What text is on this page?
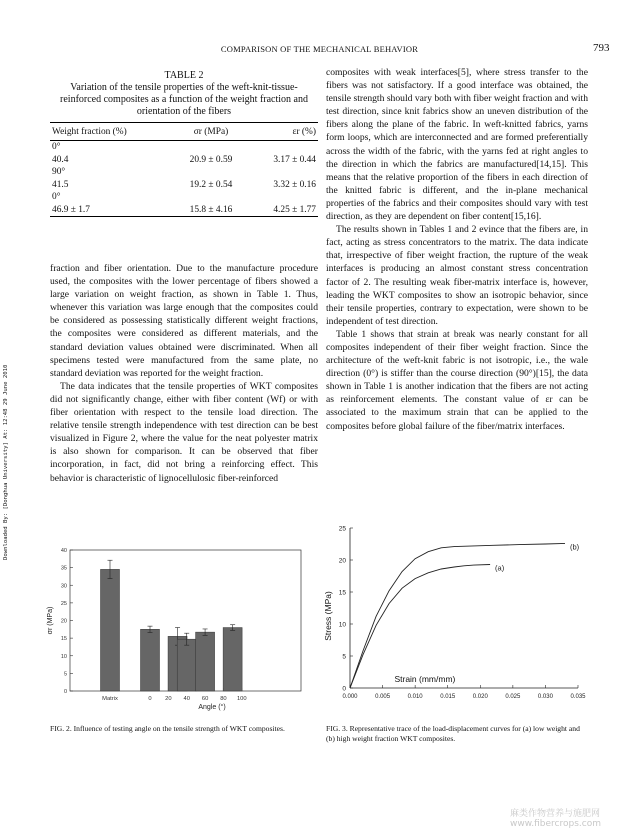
COMPARISON OF THE MECHANICAL BEHAVIOR	793
Downloaded By: [Donghua University] At: 12:48 29 June 2010
TABLE 2
Variation of the tensile properties of the weft-knit-tissue-reinforced composites as a function of the weight fraction and orientation of the fibers
Weight fraction (%)	σr (MPa)	εr (%)
0°		
40.4	20.9 ± 0.59	3.17 ± 0.44
90°		
41.5	19.2 ± 0.54	3.32 ± 0.16
0°		
46.9 ± 1.7	15.8 ± 4.16	4.25 ± 1.77

fraction and fiber orientation. Due to the manufacture procedure used, the composites with the lower percentage of fibers showed a large variation on weight fraction, as shown in Table 1. Thus, whenever this variation was large enough that the composites could be considered as possessing statistically different weight fractions, the composites were considered as different materials, and the standard deviation values obtained were discriminated. When all specimens tested were manufactured from the same plate, no standard deviation was reported for the weight fraction.

The data indicates that the tensile properties of WKT composites did not significantly change, either with fiber content (Wf) or with fiber orientation with respect to the tensile load direction. The relative tensile strength independence with test direction can be best visualized in Figure 2, where the value for the neat polyester matrix is also shown for comparison. It can be observed that fiber incorporation, in fact, did not bring a reinforcing effect. This behavior is characteristic of lignocellulosic fiber-reinforced

composites with weak interfaces[5], where stress transfer to the fibers was not satisfactory. If a good interface was obtained, the tensile strength should vary both with fiber weight fraction and with test direction, since knit fabrics show an uneven distribution of the fibers along the plane of the fabric. In weft-knitted fabrics, yarns form loops, which are interconnected and are formed preferentially across the width of the fabric, with the yarns fed at right angles to the direction in which the fabrics are manufactured[14,15]. This means that the relative proportion of the fibers in each direction of the knitted fabric is different, and the in-plane mechanical properties of the fabrics and their composites should vary with test direction, as they are dependent on fiber content[15,16].

The results shown in Tables 1 and 2 evince that the fibers are, in fact, acting as stress concentrators to the matrix. The data indicate that, irrespective of fiber weight fraction, the rupture of the weak interfaces is producing an almost constant stress concentration factor of 2. The resulting weak fiber-matrix interface is, however, leading the WKT composites to show an isotropic behavior, since their tensile properties, contrary to expectation, were shown to be independent of test direction.

Table 1 shows that strain at break was nearly constant for all composites independent of their fiber weight fraction. Since the architecture of the weft-knit fabric is not isotropic, i.e., the wale direction (0°) is stiffer than the course direction (90°)[15], the data shown in Table 1 is another indication that the fibers are not acting as reinforcement elements. The constant value of εr can be associated to the maximum strain that can be applied to the composites before global failure of the fiber/matrix interfaces.

0
5
10
15
20
25
30
35
40
Matrix	0 20 40 60 80 100
σr (MPa)
Angle (°)
FIG. 2. Influence of testing angle on the tensile strength of WKT composites.
0
5
10
15
20
25
0.000	0.005	0.010	0.015	0.020	0.025	0.030	0.035
(a)
(b)
Stress (MPa)
Strain (mm/mm)
FIG. 3. Representative trace of the load-displacement curves for (a) low weight and (b) high weight fraction WKT composites.
麻类作物营养与施肥网 www.fibercrops.com
